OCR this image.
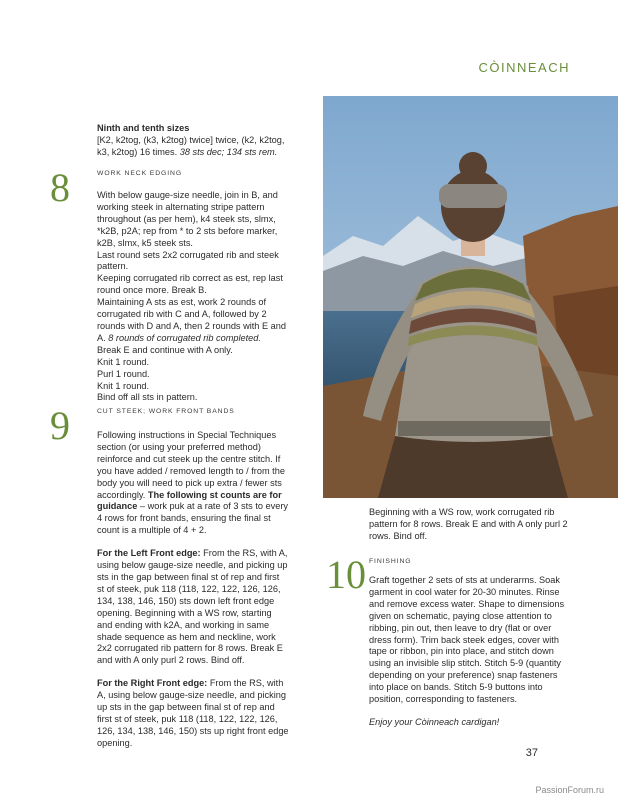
CÒINNEACH

Ninth and tenth sizes

[K2, k2tog, (k3, k2tog) twice] twice, (k2, k2tog, k3, k2tog) 16 times. 38 sts dec; 134 sts rem.

8	WORK NECK EDGING

With below gauge-size needle, join in B, and working steek in alternating stripe pattern throughout (as per hem), k4 steek sts, slmx, *k2B, p2A; rep from * to 2 sts before marker, k2B, slmx, k5 steek sts.

Last round sets 2x2 corrugated rib and steek pattern.

Keeping corrugated rib correct as est, rep last round once more. Break B.

Maintaining A sts as est, work 2 rounds of corrugated rib with C and A, followed by 2 rounds with D and A, then 2 rounds with E and A. 8 rounds of corrugated rib completed.

Break E and continue with A only.

Knit 1 round.

Purl 1 round.

Knit 1 round.

Bind off all sts in pattern.

9	CUT STEEK; WORK FRONT BANDS

Following instructions in Special Techniques section (or using your preferred method) reinforce and cut steek up the centre stitch. If you have added / removed length to / from the body you will need to pick up extra / fewer sts accordingly. The following st counts are for guidance – work puk at a rate of 3 sts to every 4 rows for front bands, ensuring the final st count is a multiple of 4 + 2.

For the Left Front edge: From the RS, with A, using below gauge-size needle, and picking up sts in the gap between final st of rep and first st of steek, puk 118 (118, 122, 122, 126, 126, 134, 138, 146, 150) sts down left front edge opening. Beginning with a WS row, starting and ending with k2A, and working in same shade sequence as hem and neckline, work 2x2 corrugated rib pattern for 8 rows. Break E and with A only purl 2 rows. Bind off.

For the Right Front edge: From the RS, with A, using below gauge-size needle, and picking up sts in the gap between final st of rep and first st of steek, puk 118 (118, 122, 122, 126, 126, 134, 138, 146, 150) sts up right front edge opening.

Beginning with a WS row, work corrugated rib pattern for 8 rows. Break E and with A only purl 2 rows. Bind off.

10 FINISHING

Graft together 2 sets of sts at underarms. Soak garment in cool water for 20-30 minutes. Rinse and remove excess water. Shape to dimensions given on schematic, paying close attention to ribbing, pin out, then leave to dry (flat or over dress form). Trim back steek edges, cover with tape or ribbon, pin into place, and stitch down using an invisible slip stitch. Stitch 5-9 (quantity depending on your preference) snap fasteners into place on bands. Stitch 5-9 buttons into position, corresponding to fasteners.

Enjoy your Còinneach cardigan!

37
PassionForum.ru
